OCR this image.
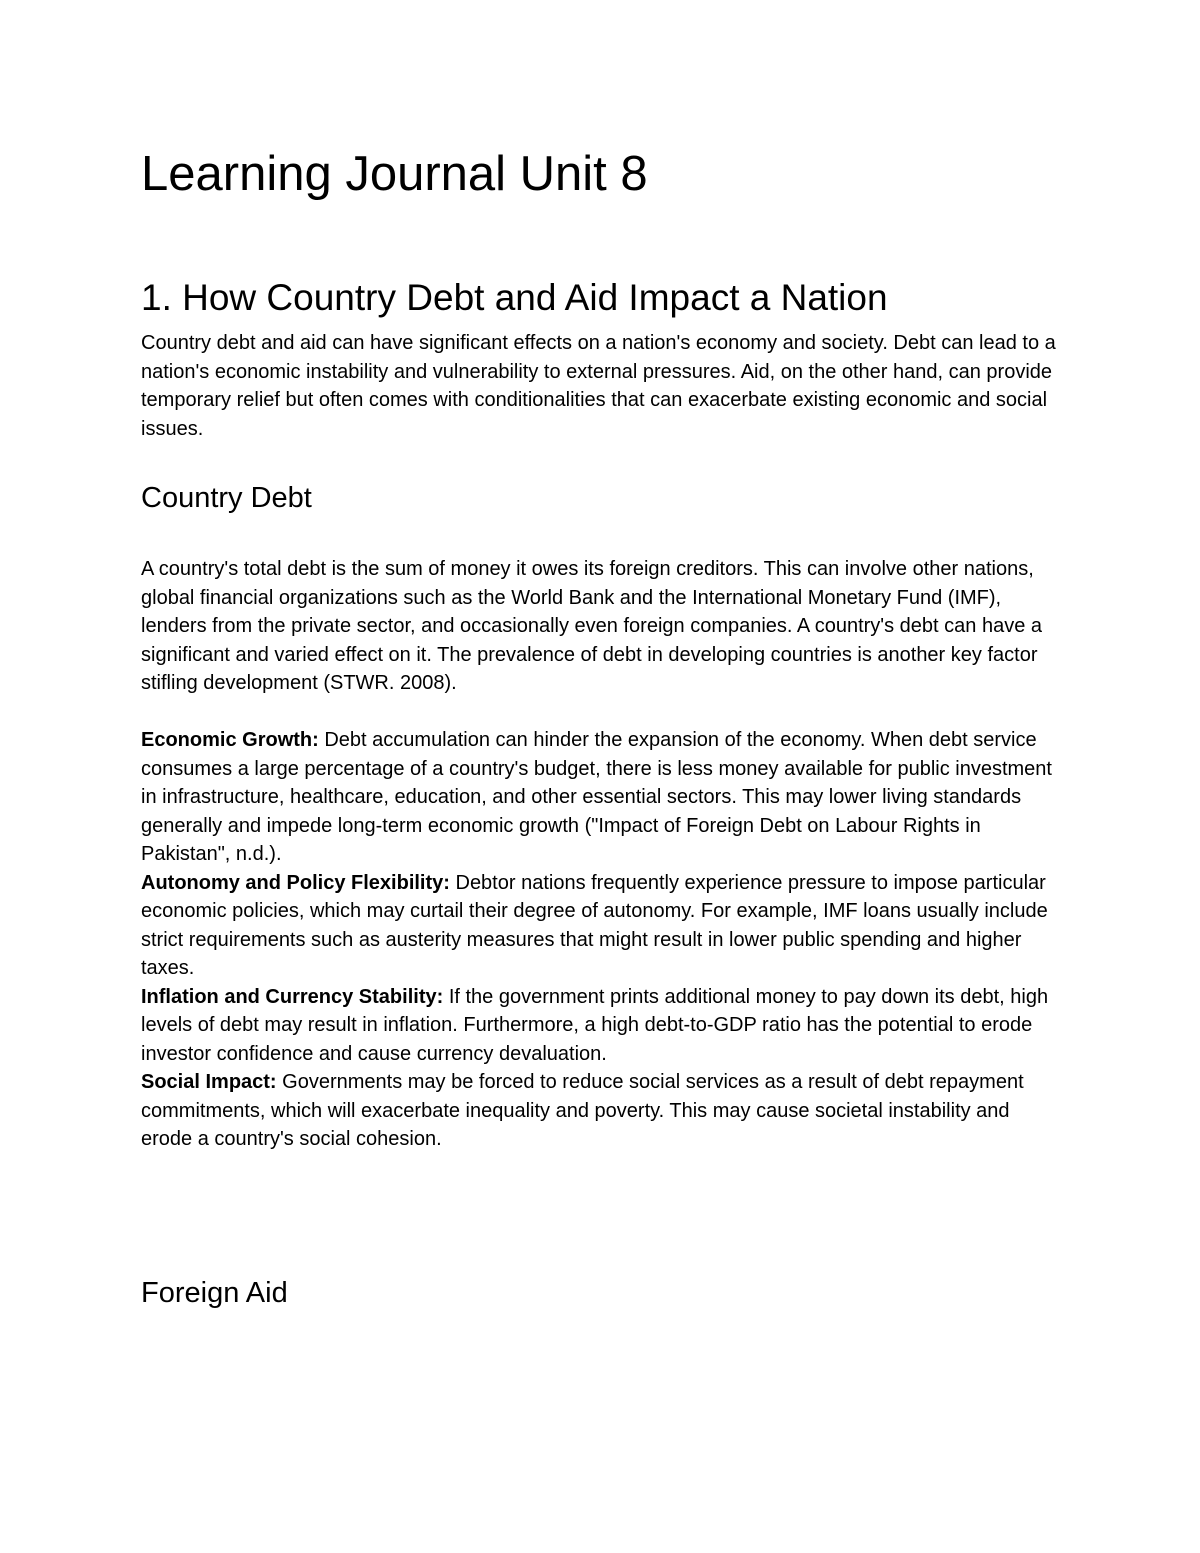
Learning Journal Unit 8
1. How Country Debt and Aid Impact a Nation

Country debt and aid can have significant effects on a nation's economy and society. Debt can lead to a nation's economic instability and vulnerability to external pressures. Aid, on the other hand, can provide temporary relief but often comes with conditionalities that can exacerbate existing economic and social issues.

Country Debt

A country's total debt is the sum of money it owes its foreign creditors. This can involve other nations, global financial organizations such as the World Bank and the International Monetary Fund (IMF), lenders from the private sector, and occasionally even foreign companies. A country's debt can have a significant and varied effect on it. The prevalence of debt in developing countries is another key factor stifling development (STWR. 2008).

Economic Growth: Debt accumulation can hinder the expansion of the economy. When debt service consumes a large percentage of a country's budget, there is less money available for public investment in infrastructure, healthcare, education, and other essential sectors. This may lower living standards generally and impede long-term economic growth ("Impact of Foreign Debt on Labour Rights in Pakistan", n.d.).

Autonomy and Policy Flexibility: Debtor nations frequently experience pressure to impose particular economic policies, which may curtail their degree of autonomy. For example, IMF loans usually include strict requirements such as austerity measures that might result in lower public spending and higher taxes.

Inflation and Currency Stability: If the government prints additional money to pay down its debt, high levels of debt may result in inflation. Furthermore, a high debt-to-GDP ratio has the potential to erode investor confidence and cause currency devaluation.

Social Impact: Governments may be forced to reduce social services as a result of debt repayment commitments, which will exacerbate inequality and poverty. This may cause societal instability and erode a country's social cohesion.

Foreign Aid
